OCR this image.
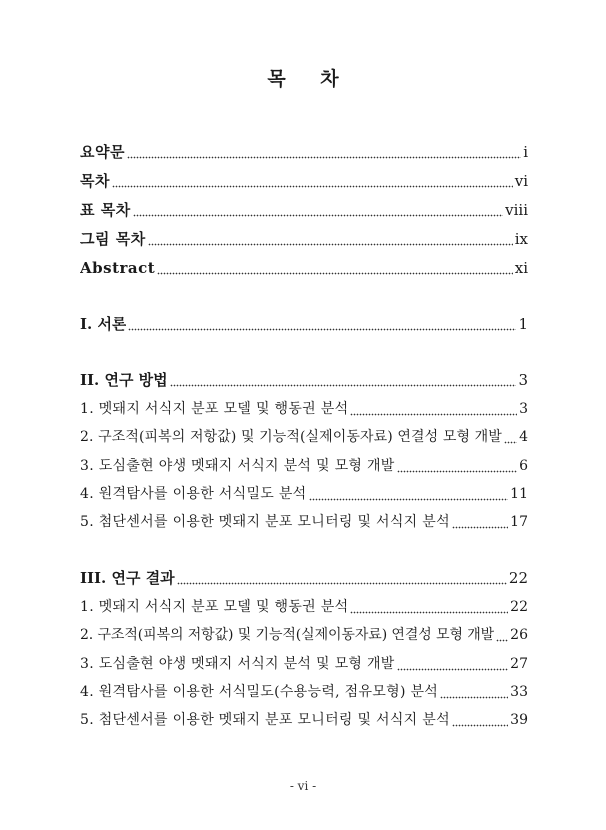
목 차
요약문	i
목차	vi
표 목차	viii
그림 목차	ix
Abstract	xi
I. 서론	1
II. 연구 방법	3
1. 멧돼지 서식지 분포 모델 및 행동권 분석	3
2. 구조적(피복의 저항값) 및 기능적(실제이동자료) 연결성 모형 개발 4
3. 도심출현 야생 멧돼지 서식지 분석 및 모형 개발	6
4. 원격탐사를 이용한 서식밀도 분석	11
5. 첨단센서를 이용한 멧돼지 분포 모니터링 및 서식지 분석	17
III. 연구 결과	22
1. 멧돼지 서식지 분포 모델 및 행동권 분석	22
2. 구조적(피복의 저항값) 및 기능적(실제이동자료) 연결성 모형 개발 26
3. 도심출현 야생 멧돼지 서식지 분석 및 모형 개발	27
4. 원격탐사를 이용한 서식밀도(수용능력, 점유모형) 분석	33
5. 첨단센서를 이용한 멧돼지 분포 모니터링 및 서식지 분석	39
- vi -
